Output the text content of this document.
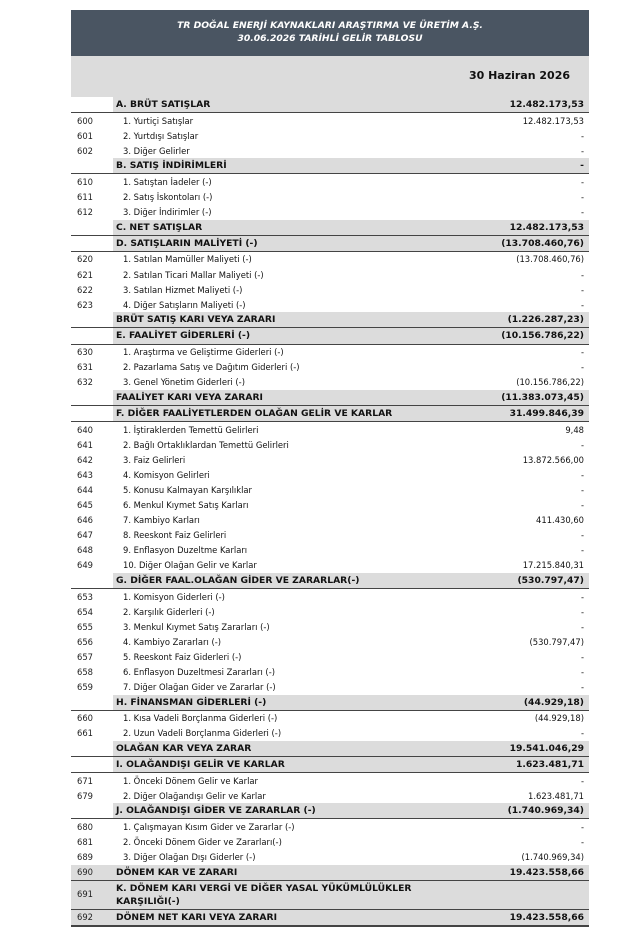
TR DOĞAL ENERJİ KAYNAKLARI ARAŞTIRMA VE ÜRETİM A.Ş.
30.06.2026 TARİHLİ GELİR TABLOSU
30 Haziran 2026
	A. BRÜT SATIŞLAR	12.482.173,53
600	1. Yurtiçi Satışlar	12.482.173,53
601	2. Yurtdışı Satışlar	-
602	3. Diğer Gelirler	-
	B. SATIŞ İNDİRİMLERİ	-
610	1. Satıştan İadeler (-)	-
611	2. Satış İskontoları (-)	-
612	3. Diğer İndirimler (-)	-
	C. NET SATIŞLAR	12.482.173,53
	D. SATIŞLARIN MALİYETİ (-)	(13.708.460,76)
620	1. Satılan Mamüller Maliyeti (-)	(13.708.460,76)
621	2. Satılan Ticari Mallar Maliyeti (-)	-
622	3. Satılan Hizmet Maliyeti (-)	-
623	4. Diğer Satışların Maliyeti (-)	-
	BRÜT SATIŞ KARI VEYA ZARARI	(1.226.287,23)
	E. FAALİYET GİDERLERİ (-)	(10.156.786,22)
630	1. Araştırma ve Geliştirme Giderleri (-)	-
631	2. Pazarlama Satış ve Dağıtım Giderleri (-)	-
632	3. Genel Yönetim Giderleri (-)	(10.156.786,22)
	FAALİYET KARI VEYA ZARARI	(11.383.073,45)
	F. DİĞER FAALİYETLERDEN OLAĞAN GELİR VE KARLAR	31.499.846,39
640	1. İştiraklerden Temettü Gelirleri	9,48
641	2. Bağlı Ortaklıklardan Temettü Gelirleri	-
642	3. Faiz Gelirleri	13.872.566,00
643	4. Komisyon Gelirleri	-
644	5. Konusu Kalmayan Karşılıklar	-
645	6. Menkul Kıymet Satış Karları	-
646	7. Kambiyo Karları	411.430,60
647	8. Reeskont Faiz Gelirleri	-
648	9. Enflasyon Duzeltme Karları	-
649	10. Diğer Olağan Gelir ve Karlar	17.215.840,31
	G. DİĞER FAAL.OLAĞAN GİDER VE ZARARLAR(-)	(530.797,47)
653	1. Komisyon Giderleri (-)	-
654	2. Karşılık Giderleri (-)	-
655	3. Menkul Kıymet Satış Zararları (-)	-
656	4. Kambiyo Zararları (-)	(530.797,47)
657	5. Reeskont Faiz Giderleri (-)	-
658	6. Enflasyon Duzeltmesi Zararları (-)	-
659	7. Diğer Olağan Gider ve Zararlar (-)	-
	H. FİNANSMAN GİDERLERİ (-)	(44.929,18)
660	1. Kısa Vadeli Borçlanma Giderleri (-)	(44.929,18)
661	2. Uzun Vadeli Borçlanma Giderleri (-)	-
	OLAĞAN KAR VEYA ZARAR	19.541.046,29
	I. OLAĞANDIŞI GELİR VE KARLAR	1.623.481,71
671	1. Önceki Dönem Gelir ve Karlar	-
679	2. Diğer Olağandışı Gelir ve Karlar	1.623.481,71
	J. OLAĞANDIŞI GİDER VE ZARARLAR (-)	(1.740.969,34)
680	1. Çalışmayan Kısım Gider ve Zararlar (-)	-
681	2. Önceki Dönem Gider ve Zararları(-)	-
689	3. Diğer Olağan Dışı Giderler (-)	(1.740.969,34)
690	DÖNEM KAR VE ZARARI	19.423.558,66
691	K. DÖNEM KARI VERGİ VE DİĞER YASAL YÜKÜMLÜLÜKLER KARŞILIĞI(-)	
692	DÖNEM NET KARI VEYA ZARARI	19.423.558,66
